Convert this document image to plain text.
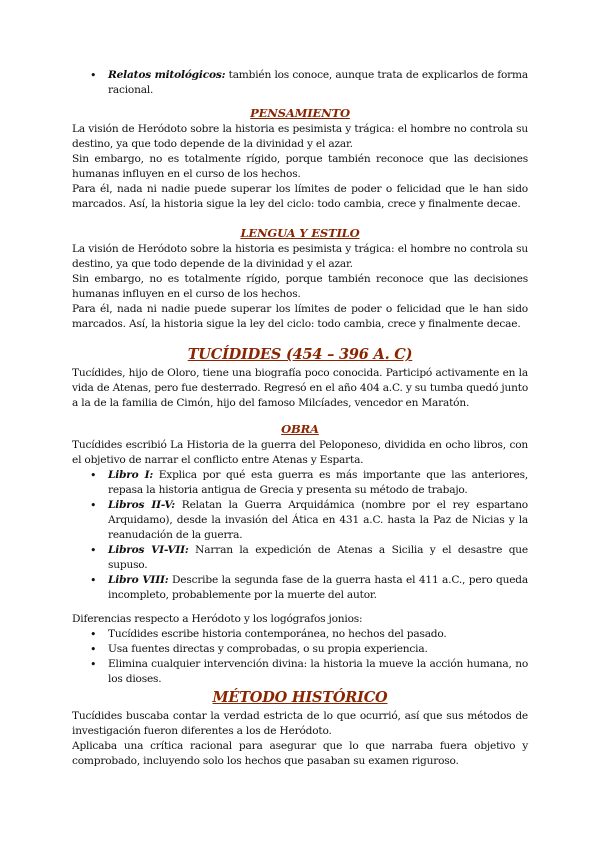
• Relatos mitológicos: también los conoce, aunque trata de explicarlos de forma racional.
PENSAMIENTO

La visión de Heródoto sobre la historia es pesimista y trágica: el hombre no controla su destino, ya que todo depende de la divinidad y el azar.

Sin embargo, no es totalmente rígido, porque también reconoce que las decisiones humanas influyen en el curso de los hechos.

Para él, nada ni nadie puede superar los límites de poder o felicidad que le han sido marcados. Así, la historia sigue la ley del ciclo: todo cambia, crece y finalmente decae.

LENGUA Y ESTILO

La visión de Heródoto sobre la historia es pesimista y trágica: el hombre no controla su destino, ya que todo depende de la divinidad y el azar.

Sin embargo, no es totalmente rígido, porque también reconoce que las decisiones humanas influyen en el curso de los hechos.

Para él, nada ni nadie puede superar los límites de poder o felicidad que le han sido marcados. Así, la historia sigue la ley del ciclo: todo cambia, crece y finalmente decae.

TUCÍDIDES (454 – 396 A. C)

Tucídides, hijo de Oloro, tiene una biografía poco conocida. Participó activamente en la vida de Atenas, pero fue desterrado. Regresó en el año 404 a.C. y su tumba quedó junto a la de la familia de Cimón, hijo del famoso Milcíades, vencedor en Maratón.

OBRA

Tucídides escribió La Historia de la guerra del Peloponeso, dividida en ocho libros, con el objetivo de narrar el conflicto entre Atenas y Esparta.

• Libro I: Explica por qué esta guerra es más importante que las anteriores, repasa la historia antigua de Grecia y presenta su método de trabajo.
• Libros II-V: Relatan la Guerra Arquidámica (nombre por el rey espartano Arquidamo), desde la invasión del Ática en 431 a.C. hasta la Paz de Nicias y la reanudación de la guerra.
• Libros VI-VII: Narran la expedición de Atenas a Sicilia y el desastre que supuso.
• Libro VIII: Describe la segunda fase de la guerra hasta el 411 a.C., pero queda incompleto, probablemente por la muerte del autor.

Diferencias respecto a Heródoto y los logógrafos jonios:

• Tucídides escribe historia contemporánea, no hechos del pasado.
• Usa fuentes directas y comprobadas, o su propia experiencia.
• Elimina cualquier intervención divina: la historia la mueve la acción humana, no los dioses.
MÉTODO HISTÓRICO

Tucídides buscaba contar la verdad estricta de lo que ocurrió, así que sus métodos de investigación fueron diferentes a los de Heródoto.

Aplicaba una crítica racional para asegurar que lo que narraba fuera objetivo y comprobado, incluyendo solo los hechos que pasaban su examen riguroso.
